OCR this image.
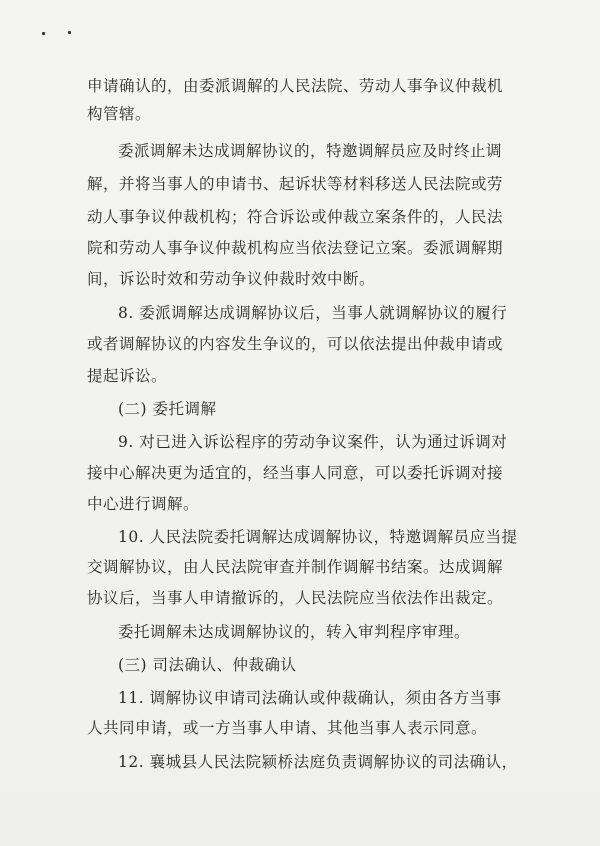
申请确认的，由委派调解的人民法院、劳动人事争议仲裁机
构管辖。
委派调解未达成调解协议的，特邀调解员应及时终止调
解，并将当事人的申请书、起诉状等材料移送人民法院或劳
动人事争议仲裁机构；符合诉讼或仲裁立案条件的，人民法
院和劳动人事争议仲裁机构应当依法登记立案。委派调解期
间，诉讼时效和劳动争议仲裁时效中断。
8. 委派调解达成调解协议后，当事人就调解协议的履行
或者调解协议的内容发生争议的，可以依法提出仲裁申请或
提起诉讼。
(二) 委托调解
9. 对已进入诉讼程序的劳动争议案件，认为通过诉调对
接中心解决更为适宜的，经当事人同意，可以委托诉调对接
中心进行调解。
10. 人民法院委托调解达成调解协议，特邀调解员应当提
交调解协议，由人民法院审查并制作调解书结案。达成调解
协议后，当事人申请撤诉的，人民法院应当依法作出裁定。
委托调解未达成调解协议的，转入审判程序审理。
(三) 司法确认、仲裁确认
11. 调解协议申请司法确认或仲裁确认，须由各方当事
人共同申请，或一方当事人申请、其他当事人表示同意。
12. 襄城县人民法院颍桥法庭负责调解协议的司法确认，
